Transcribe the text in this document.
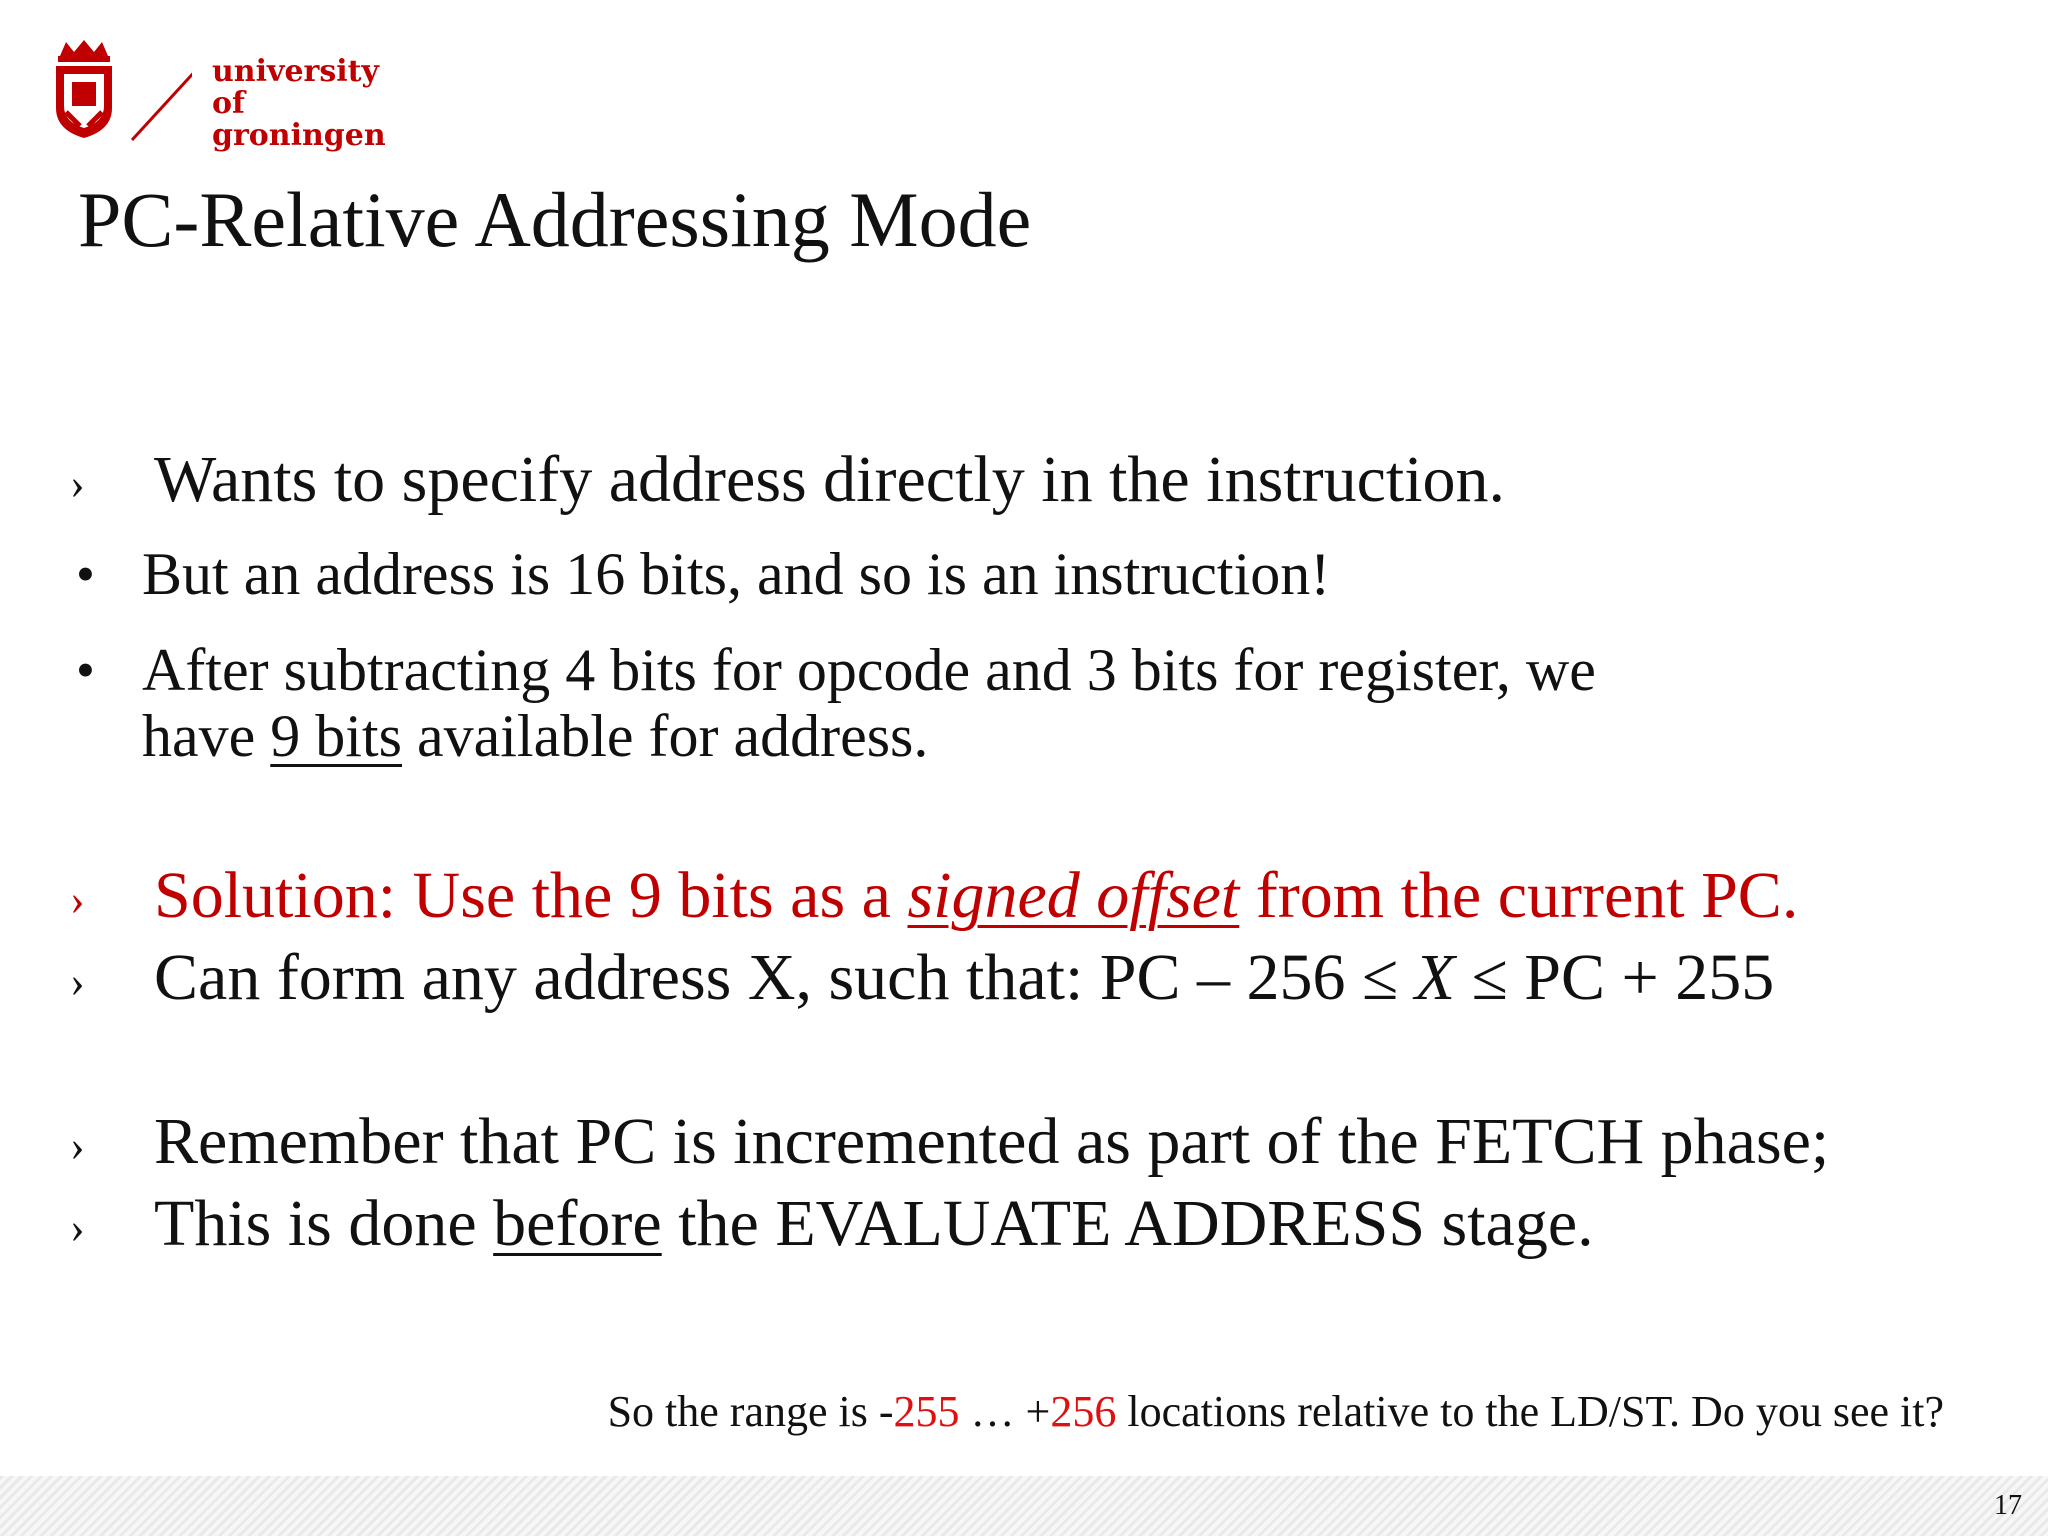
university of
groningen
PC-Relative Addressing Mode
›	Wants to specify address directly in the instruction.
• But an address is 16 bits, and so is an instruction!
• After subtracting 4 bits for opcode and 3 bits for register, we
have 9 bits available for address.
›	Solution: Use the 9 bits as a signed offset from the current PC.
›	Can form any address X, such that: PC – 256 ≤ X ≤ PC + 255
›	Remember that PC is incremented as part of the FETCH phase;
›	This is done before the EVALUATE ADDRESS stage.
So the range is -255 … +256 locations relative to the LD/ST. Do you see it?
17
